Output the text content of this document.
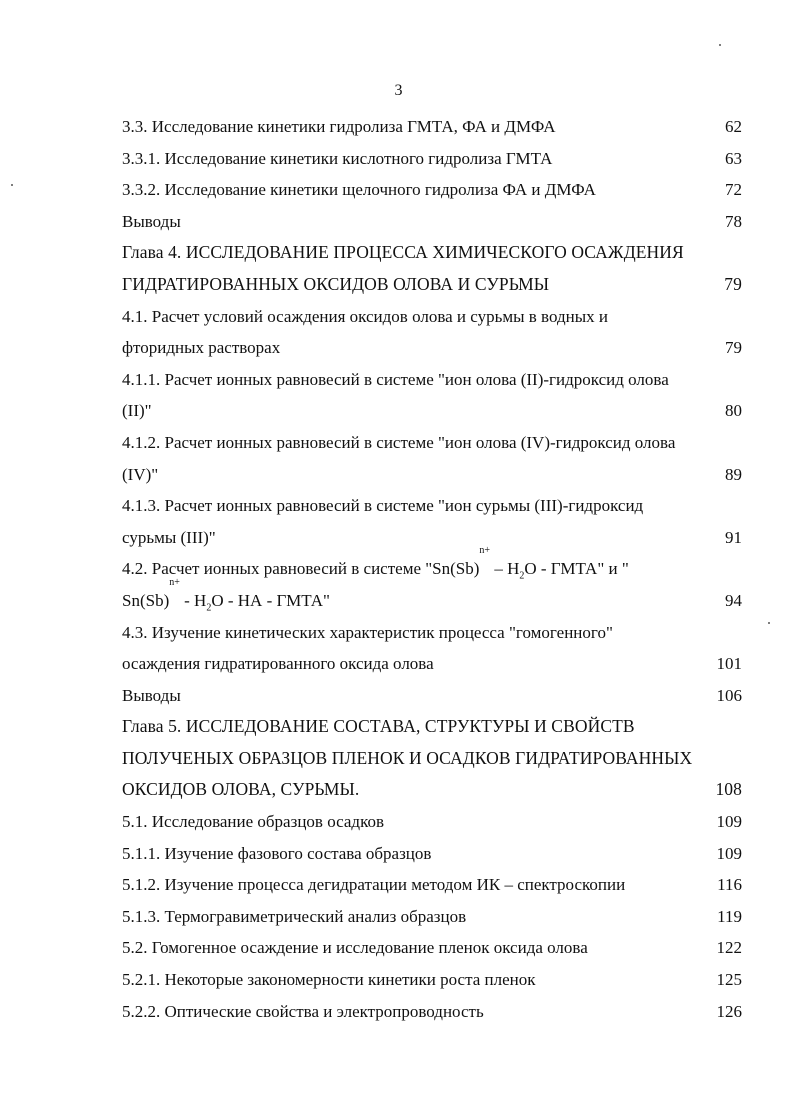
3
3.3. Исследование кинетики гидролиза ГМТА, ФА и ДМФА	62
3.3.1. Исследование кинетики кислотного гидролиза ГМТА	63
3.3.2. Исследование кинетики щелочного гидролиза ФА и ДМФА	72
Выводы	78
Глава 4. ИССЛЕДОВАНИЕ ПРОЦЕССА ХИМИЧЕСКОГО ОСАЖДЕНИЯ
ГИДРАТИРОВАННЫХ ОКСИДОВ ОЛОВА И СУРЬМЫ	79
4.1. Расчет условий осаждения оксидов олова и сурьмы в водных и
фторидных растворах	79
4.1.1. Расчет ионных равновесий в системе "ион олова (II)-гидроксид олова
(II)"	80
4.1.2. Расчет ионных равновесий в системе "ион олова (IV)-гидроксид олова
(IV)"	89
4.1.3. Расчет ионных равновесий в системе "ион сурьмы (III)-гидроксид
сурьмы (III)"	91
4.2. Расчет ионных равновесий в системе "$Sn(Sb)^{n+} - H_2O$ - ГМТА" и "
$Sn(Sb)^{n+} - H_2O$ - НА - ГМТА"	94
4.3. Изучение кинетических характеристик процесса "гомогенного"
осаждения гидратированного оксида олова	101
Выводы	106
Глава 5. ИССЛЕДОВАНИЕ СОСТАВА, СТРУКТУРЫ И СВОЙСТВ
ПОЛУЧЕНЫХ ОБРАЗЦОВ ПЛЕНОК И ОСАДКОВ ГИДРАТИРОВАННЫХ
ОКСИДОВ ОЛОВА, СУРЬМЫ.	108
5.1. Исследование образцов осадков	109
5.1.1. Изучение фазового состава образцов	109
5.1.2. Изучение процесса дегидратации методом ИК – спектроскопии	116
5.1.3. Термогравиметрический анализ образцов	119
5.2. Гомогенное осаждение и исследование пленок оксида олова	122
5.2.1. Некоторые закономерности кинетики роста пленок	125
5.2.2. Оптические свойства и электропроводность	126
